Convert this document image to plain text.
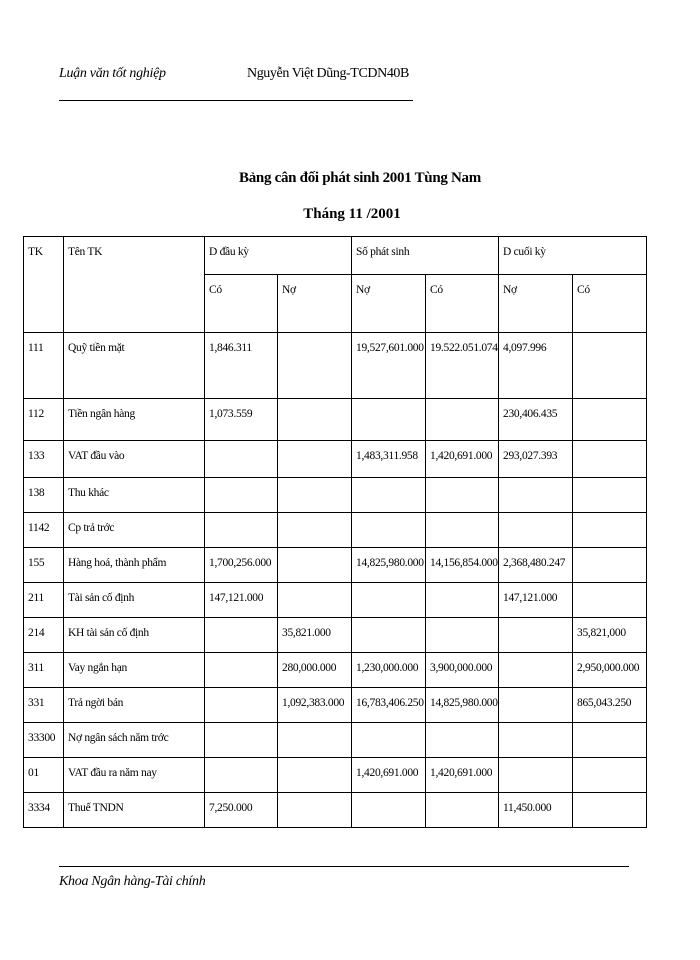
Luận văn tốt nghiệp	Nguyễn Việt Dũng-TCDN40B
Bảng cân đối phát sinh 2001 Tùng Nam
Tháng 11 /2001
TK	Tên TK	D đầu kỳ		Số phát sinh		D cuối kỳ	
		Có	Nợ	Nợ	Có	Nợ	Có
111	Quỹ tiền mặt	1,846.311		19,527,601.000	19.522.051.074	4,097.996	
112	Tiền ngân hàng	1,073.559				230,406.435	
133	VAT đầu vào			1,483,311.958	1,420,691.000	293,027.393	
138	Thu khác						
1142	Cp trả trớc						
155	Hàng hoá, thành phẩm	1,700,256.000		14,825,980.000	14,156,854.000	2,368,480.247	
211	Tài sản cố định	147,121.000				147,121.000	
214	KH tài sản cố định		35,821.000				35,821,000
311	Vay ngắn hạn		280,000.000	1,230,000.000	3,900,000.000		2,950,000.000
331	Trả ngời bán		1,092,383.000	16,783,406.250	14,825,980.000		865,043.250
33300	Nợ ngân sách năm trớc						
01	VAT đầu ra năm nay			1,420,691.000	1,420,691.000		
3334	Thuế TNDN	7,250.000				11,450.000	
Khoa Ngân hàng-Tài chính
